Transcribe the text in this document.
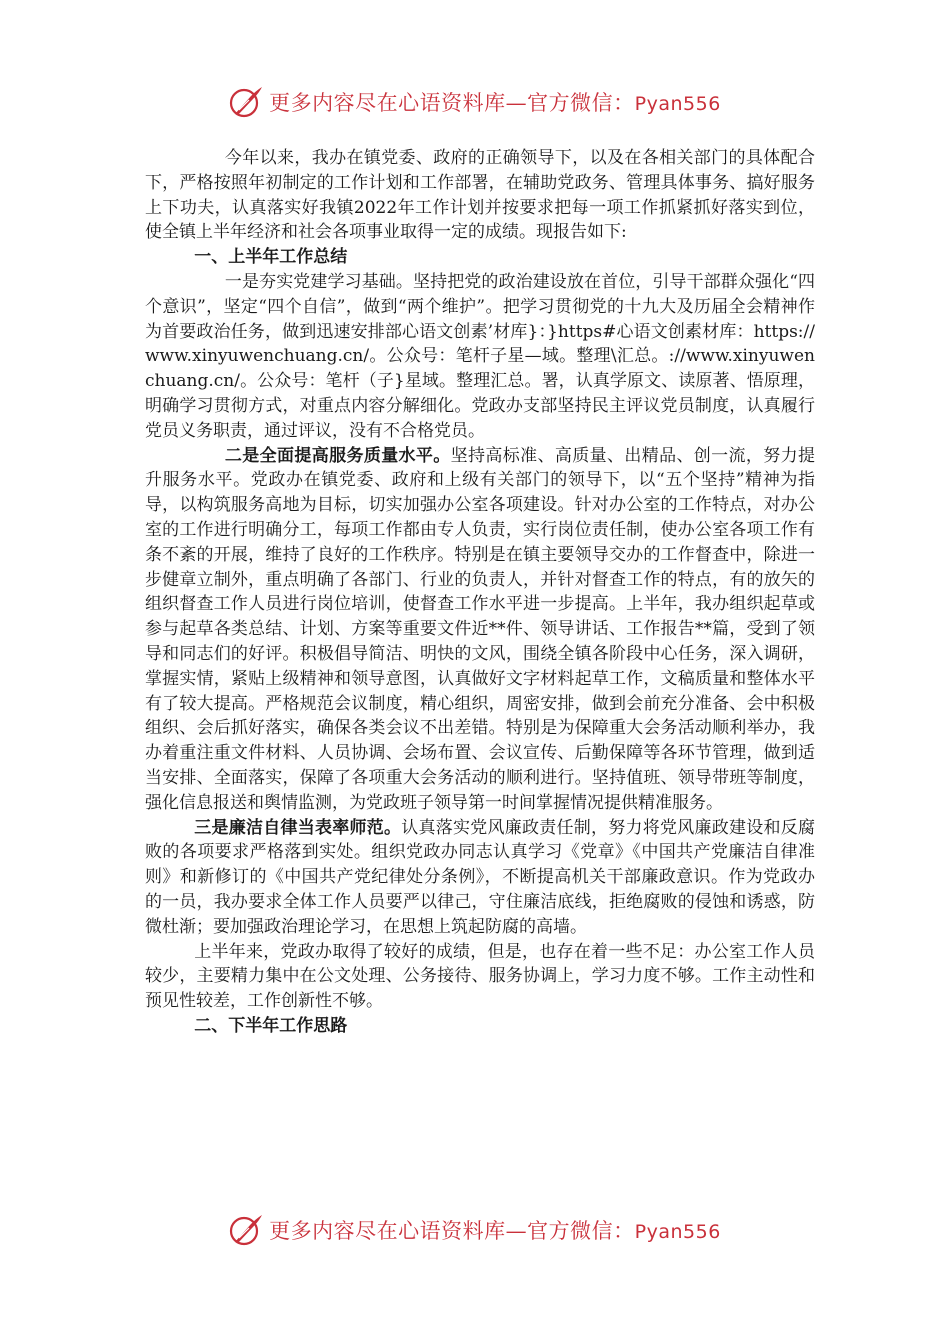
更多内容尽在心语资料库—官方微信：Pyan556

今年以来，我办在镇党委、政府的正确领导下，以及在各相关部门的具体配合下，严格按照年初制定的工作计划和工作部署，在辅助党政务、管理具体事务、搞好服务上下功夫，认真落实好我镇2022年工作计划并按要求把每一项工作抓紧抓好落实到位，使全镇上半年经济和社会各项事业取得一定的成绩。现报告如下:

一、上半年工作总结

一是夯实党建学习基础。坚持把党的政治建设放在首位，引导干部群众强化“四个意识”，坚定“四个自信”，做到“两个维护”。把学习贯彻党的十九大及历届全会精神作为首要政治任务，做到迅速安排部心语文创素’材库}：}https#心语文创素材库：https://www.xinyuwenchuang.cn/。公众号：笔杆子星—域。整理\汇总。://www.xinyuwenchuang.cn/。公众号：笔杆（子}星域。整理汇总。署，认真学原文、读原著、悟原理，明确学习贯彻方式，对重点内容分解细化。党政办支部坚持民主评议党员制度，认真履行党员义务职责，通过评议，没有不合格党员。

二是全面提高服务质量水平。坚持高标准、高质量、出精品、创一流，努力提升服务水平。党政办在镇党委、政府和上级有关部门的领导下，以“五个坚持”精神为指导，以构筑服务高地为目标，切实加强办公室各项建设。针对办公室的工作特点，对办公室的工作进行明确分工，每项工作都由专人负责，实行岗位责任制，使办公室各项工作有条不紊的开展，维持了良好的工作秩序。特别是在镇主要领导交办的工作督查中，除进一步健章立制外，重点明确了各部门、行业的负责人，并针对督查工作的特点，有的放矢的组织督查工作人员进行岗位培训，使督查工作水平进一步提高。上半年，我办组织起草或参与起草各类总结、计划、方案等重要文件近**件、领导讲话、工作报告**篇，受到了领导和同志们的好评。积极倡导简洁、明快的文风，围绕全镇各阶段中心任务，深入调研，掌握实情，紧贴上级精神和领导意图，认真做好文字材料起草工作，文稿质量和整体水平有了较大提高。严格规范会议制度，精心组织，周密安排，做到会前充分准备、会中积极组织、会后抓好落实，确保各类会议不出差错。特别是为保障重大会务活动顺利举办，我办着重注重文件材料、人员协调、会场布置、会议宣传、后勤保障等各环节管理，做到适当安排、全面落实，保障了各项重大会务活动的顺利进行。坚持值班、领导带班等制度，强化信息报送和舆情监测，为党政班子领导第一时间掌握情况提供精准服务。

三是廉洁自律当表率师范。认真落实党风廉政责任制，努力将党风廉政建设和反腐败的各项要求严格落到实处。组织党政办同志认真学习《党章》《中国共产党廉洁自律准则》和新修订的《中国共产党纪律处分条例》，不断提高机关干部廉政意识。作为党政办的一员，我办要求全体工作人员要严以律己，守住廉洁底线，拒绝腐败的侵蚀和诱惑，防微杜渐；要加强政治理论学习，在思想上筑起防腐的高墙。

上半年来，党政办取得了较好的成绩，但是，也存在着一些不足：办公室工作人员较少，主要精力集中在公文处理、公务接待、服务协调上，学习力度不够。工作主动性和预见性较差，工作创新性不够。

二、下半年工作思路

更多内容尽在心语资料库—官方微信：Pyan556
